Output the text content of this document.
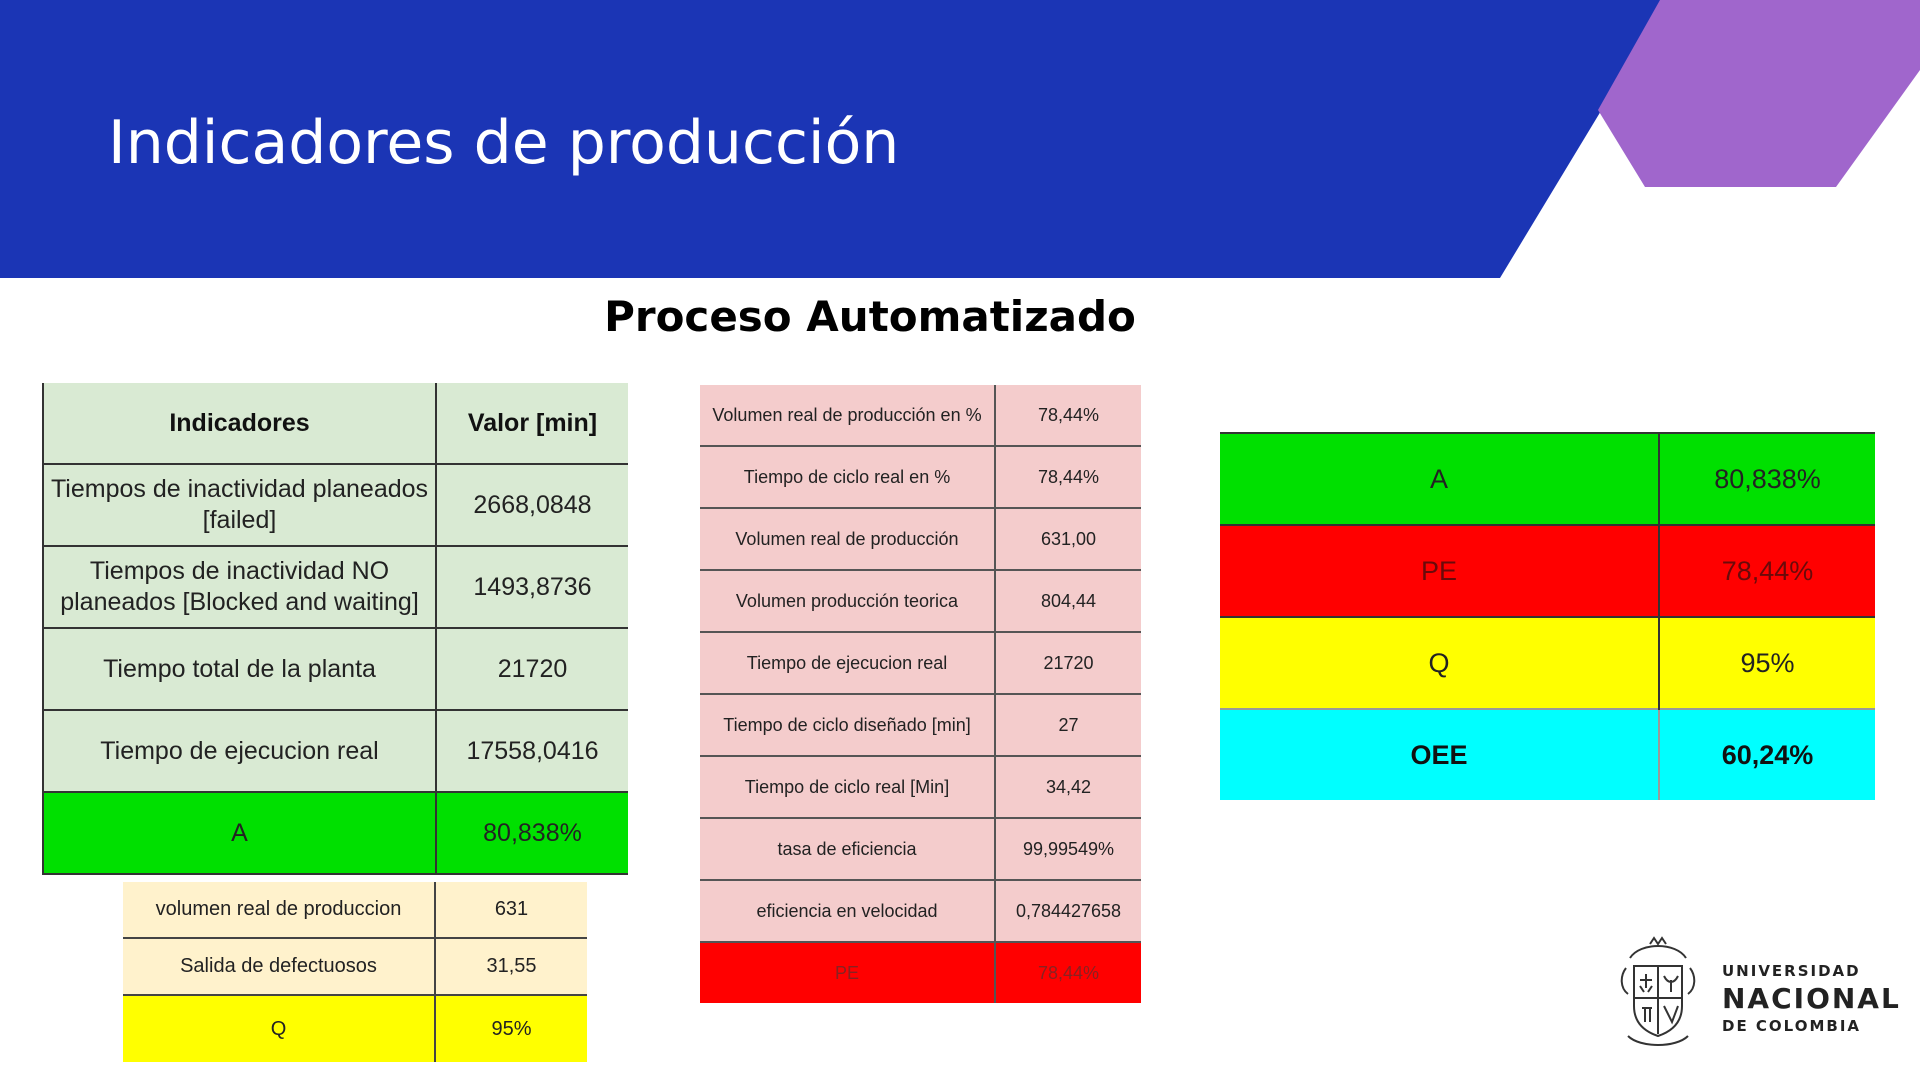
Indicadores de producción
Proceso Automatizado
Indicadores	Valor [min]
Tiempos de inactividad planeados [failed]	2668,0848
Tiempos de inactividad NO planeados [Blocked and waiting]	1493,8736
Tiempo total de la planta	21720
Tiempo de ejecucion real	17558,0416
A	80,838%
volumen real de produccion	631
Salida de defectuosos	31,55
Q	95%
Volumen real de producción en %	78,44%
Tiempo de ciclo real en %	78,44%
Volumen real de producción	631,00
Volumen producción teorica	804,44
Tiempo de ejecucion real	21720
Tiempo de ciclo diseñado [min]	27
Tiempo de ciclo real [Min]	34,42
tasa de eficiencia	99,99549%
eficiencia en velocidad	0,784427658
PE	78,44%
A	80,838%
PE	78,44%
Q	95%
OEE	60,24%
UNIVERSIDAD
NACIONAL
DE COLOMBIA
